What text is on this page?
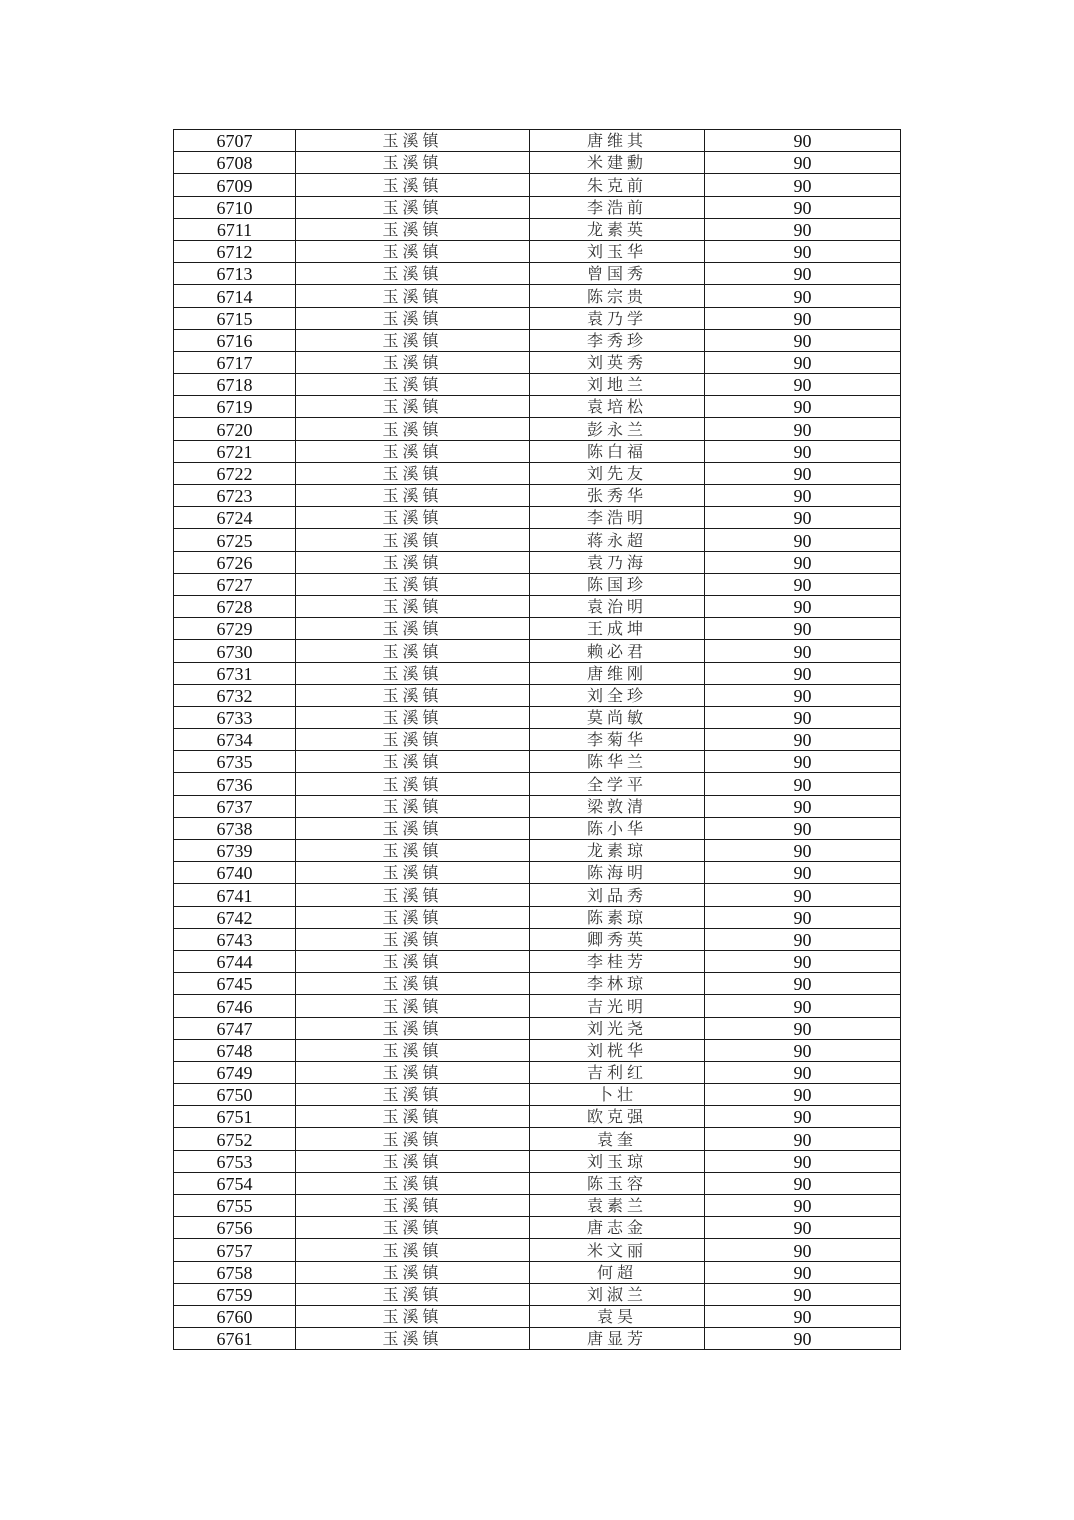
6707	玉溪镇	唐维其	90
6708	玉溪镇	米建勳	90
6709	玉溪镇	朱克前	90
6710	玉溪镇	李浩前	90
6711	玉溪镇	龙素英	90
6712	玉溪镇	刘玉华	90
6713	玉溪镇	曾国秀	90
6714	玉溪镇	陈宗贵	90
6715	玉溪镇	袁乃学	90
6716	玉溪镇	李秀珍	90
6717	玉溪镇	刘英秀	90
6718	玉溪镇	刘地兰	90
6719	玉溪镇	袁培松	90
6720	玉溪镇	彭永兰	90
6721	玉溪镇	陈白福	90
6722	玉溪镇	刘先友	90
6723	玉溪镇	张秀华	90
6724	玉溪镇	李浩明	90
6725	玉溪镇	蒋永超	90
6726	玉溪镇	袁乃海	90
6727	玉溪镇	陈国珍	90
6728	玉溪镇	袁治明	90
6729	玉溪镇	王成坤	90
6730	玉溪镇	赖必君	90
6731	玉溪镇	唐维刚	90
6732	玉溪镇	刘全珍	90
6733	玉溪镇	莫尚敏	90
6734	玉溪镇	李菊华	90
6735	玉溪镇	陈华兰	90
6736	玉溪镇	全学平	90
6737	玉溪镇	梁敦清	90
6738	玉溪镇	陈小华	90
6739	玉溪镇	龙素琼	90
6740	玉溪镇	陈海明	90
6741	玉溪镇	刘品秀	90
6742	玉溪镇	陈素琼	90
6743	玉溪镇	卿秀英	90
6744	玉溪镇	李桂芳	90
6745	玉溪镇	李林琼	90
6746	玉溪镇	吉光明	90
6747	玉溪镇	刘光尧	90
6748	玉溪镇	刘桄华	90
6749	玉溪镇	吉利红	90
6750	玉溪镇	卜壮	90
6751	玉溪镇	欧克强	90
6752	玉溪镇	袁奎	90
6753	玉溪镇	刘玉琼	90
6754	玉溪镇	陈玉容	90
6755	玉溪镇	袁素兰	90
6756	玉溪镇	唐志金	90
6757	玉溪镇	米文丽	90
6758	玉溪镇	何超	90
6759	玉溪镇	刘淑兰	90
6760	玉溪镇	袁昊	90
6761	玉溪镇	唐显芳	90
